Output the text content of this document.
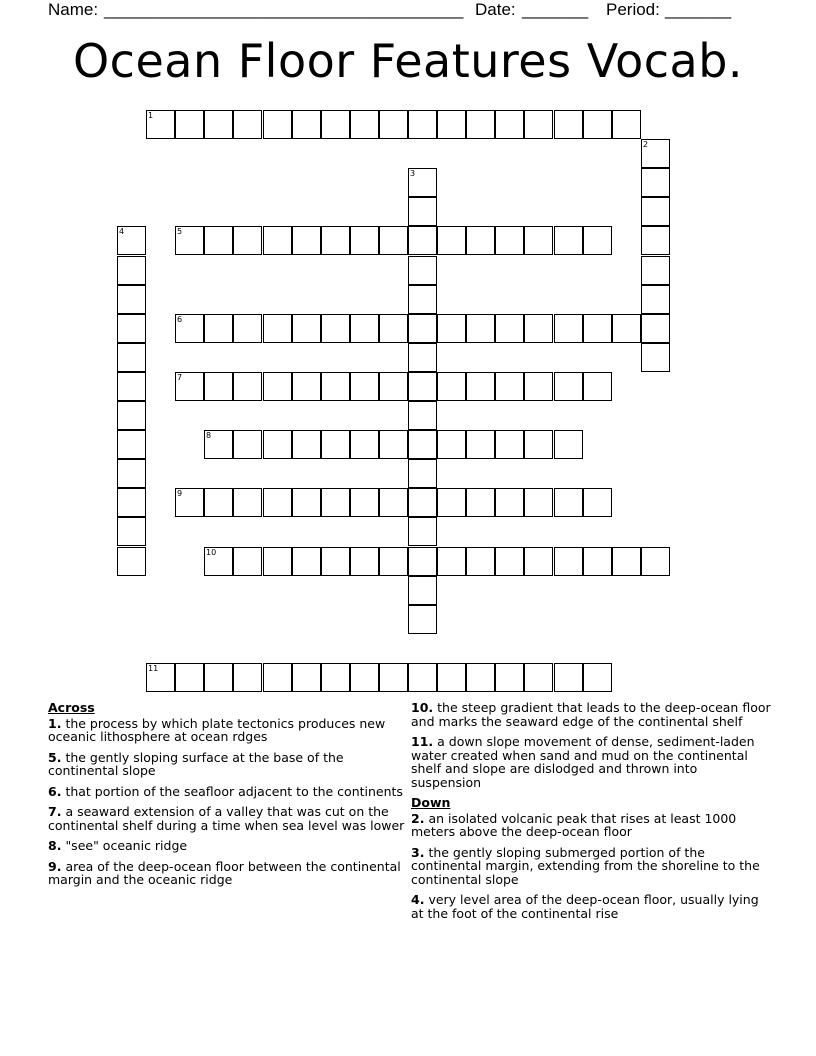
Name: ______________________________________ Date: _______ Period: _______
Ocean Floor Features Vocab.
1
2
3
4	5
6
7
8
9
10
11
Across
1. the process by which plate tectonics produces new oceanic lithosphere at ocean rdges
5. the gently sloping surface at the base of the continental slope
6. that portion of the seafloor adjacent to the continents
7. a seaward extension of a valley that was cut on the continental shelf during a time when sea level was lower
8. "see" oceanic ridge
9. area of the deep-ocean floor between the continental margin and the oceanic ridge
10. the steep gradient that leads to the deep-ocean floor and marks the seaward edge of the continental shelf
11. a down slope movement of dense, sediment-laden water created when sand and mud on the continental shelf and slope are dislodged and thrown into suspension
Down
2. an isolated volcanic peak that rises at least 1000 meters above the deep-ocean floor
3. the gently sloping submerged portion of the continental margin, extending from the shoreline to the continental slope
4. very level area of the deep-ocean floor, usually lying at the foot of the continental rise
